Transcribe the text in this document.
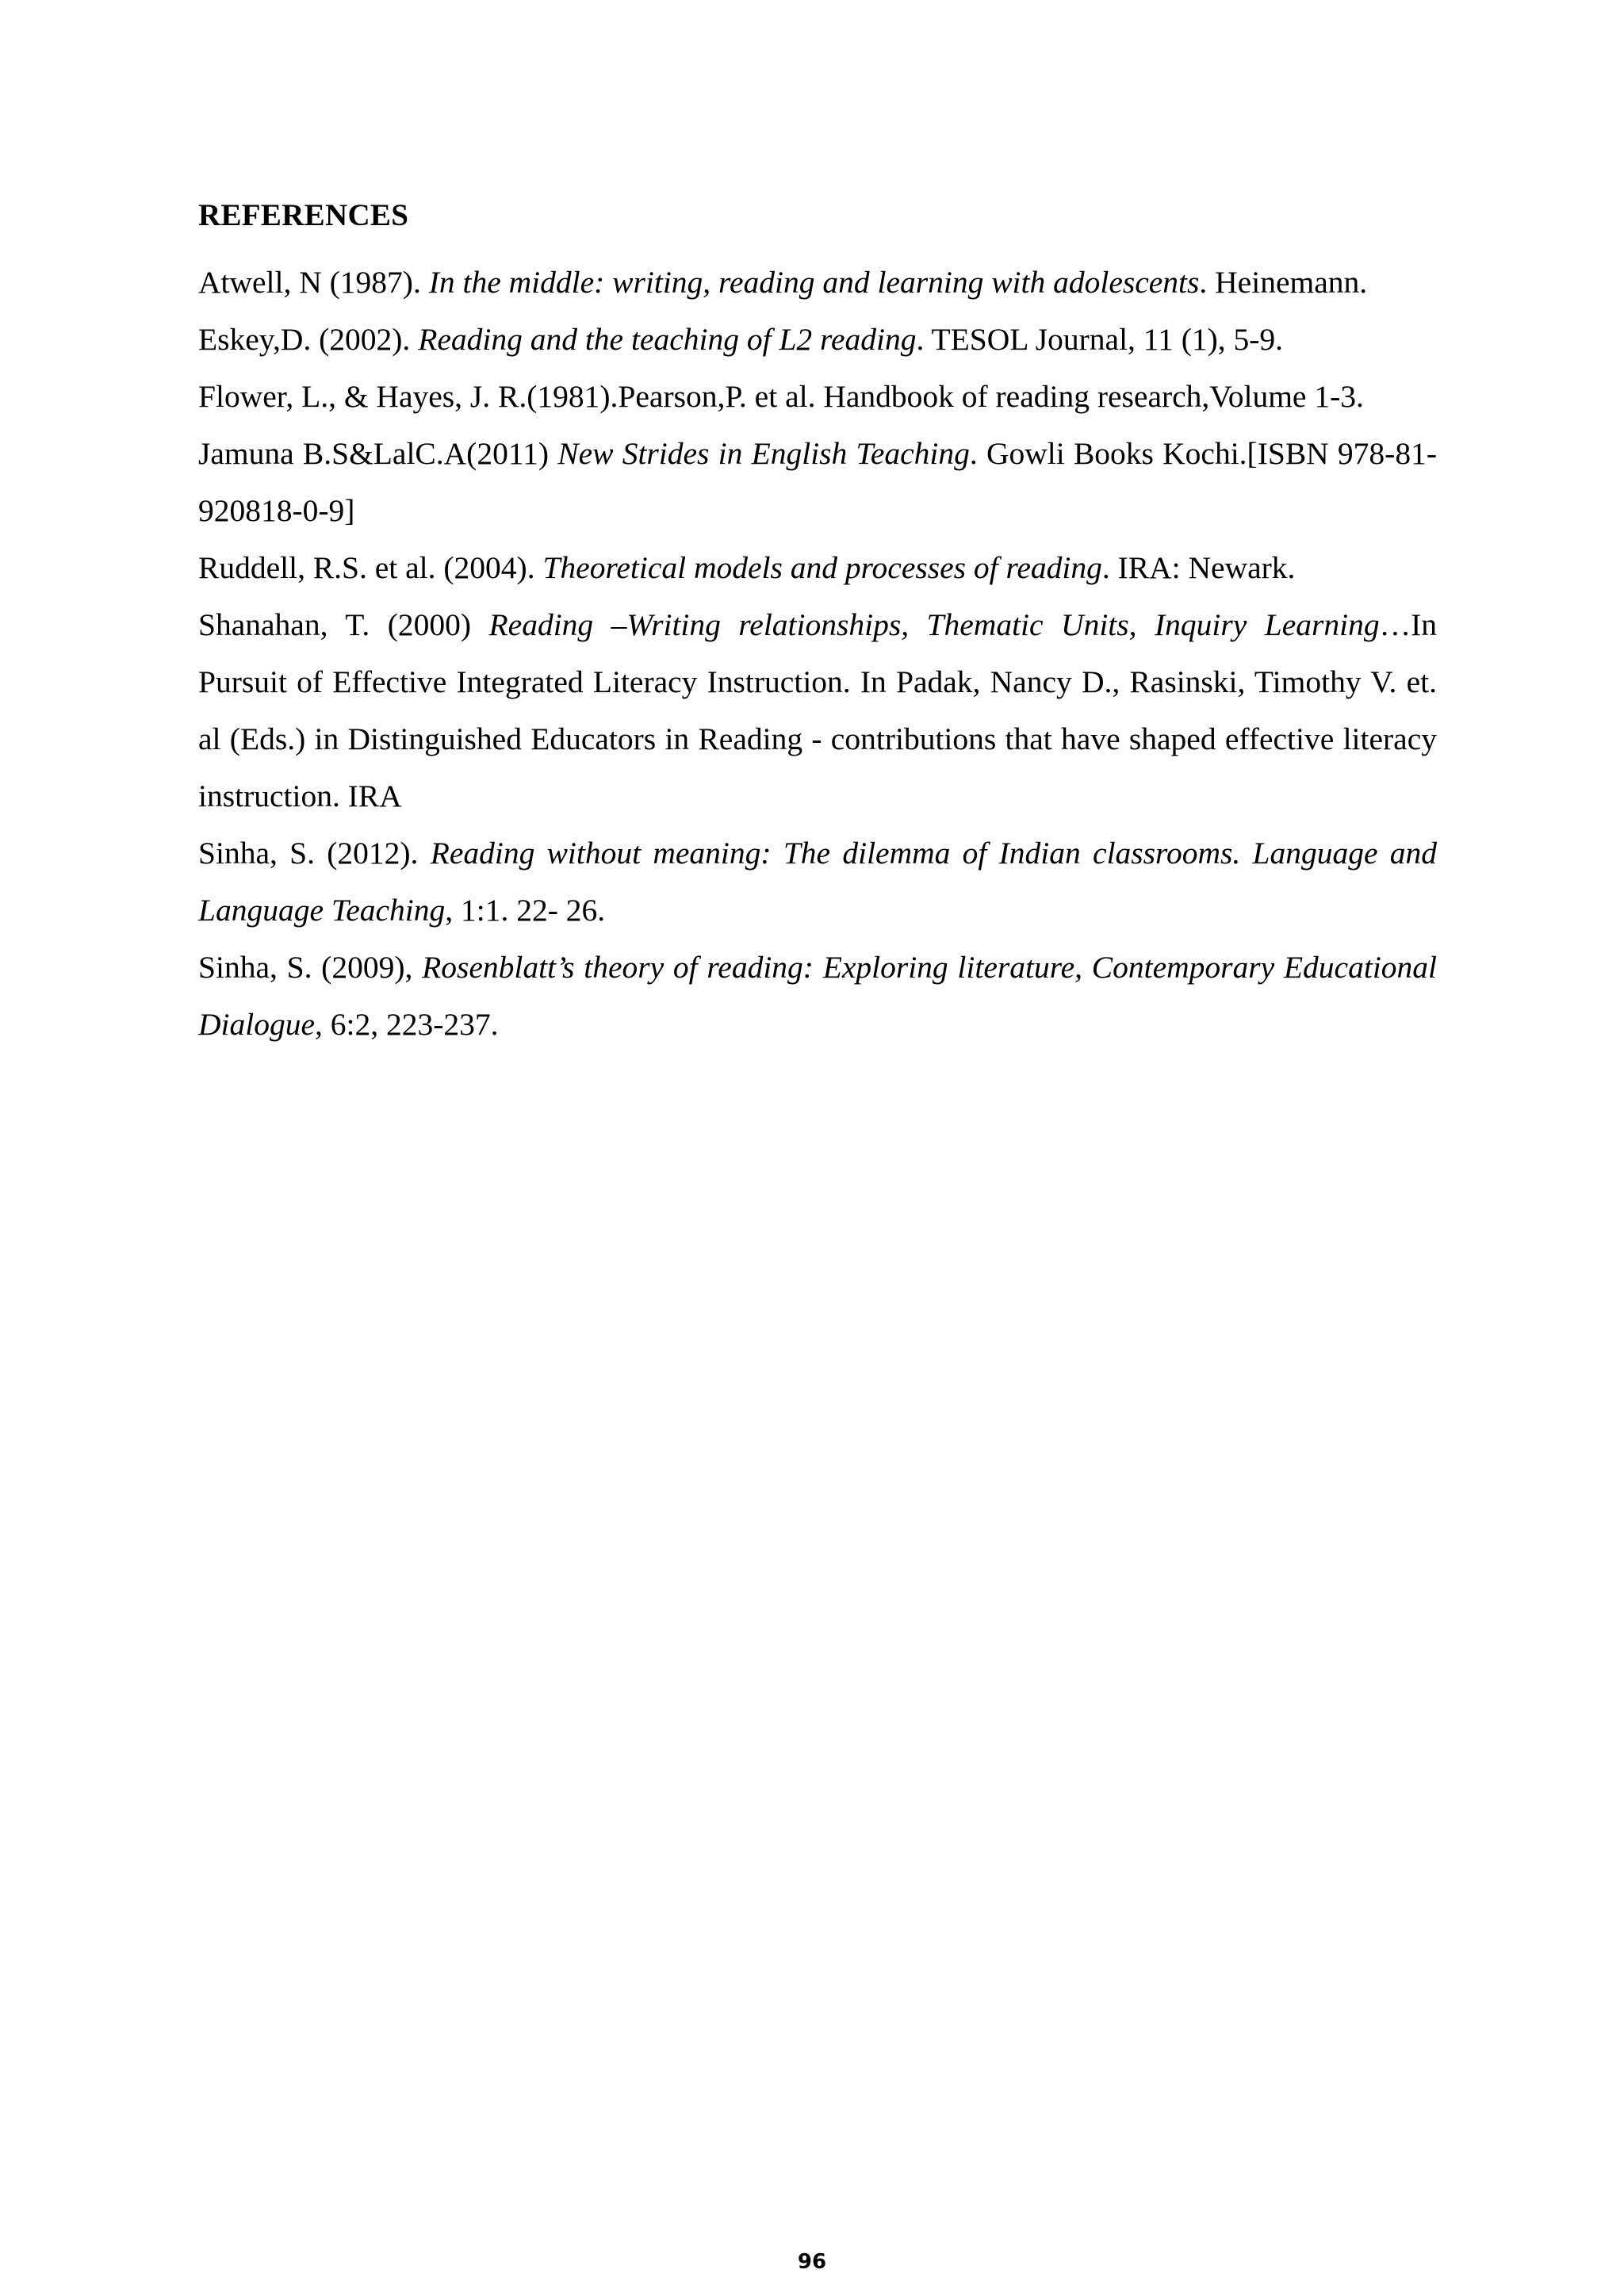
REFERENCES

Atwell, N (1987). In the middle: writing, reading and learning with adolescents. Heinemann.

Eskey,D. (2002). Reading and the teaching of L2 reading. TESOL Journal, 11 (1), 5-9.

Flower, L., & Hayes, J. R.(1981).Pearson,P. et al. Handbook of reading research,Volume 1-3.

Jamuna B.S&LalC.A(2011) New Strides in English Teaching. Gowli Books Kochi.[ISBN 978-81-920818-0-9]

Ruddell, R.S. et al. (2004). Theoretical models and processes of reading. IRA: Newark.

Shanahan, T. (2000) Reading –Writing relationships, Thematic Units, Inquiry Learning…In Pursuit of Effective Integrated Literacy Instruction. In Padak, Nancy D., Rasinski, Timothy V. et. al (Eds.) in Distinguished Educators in Reading - contributions that have shaped effective literacy instruction. IRA

Sinha, S. (2012). Reading without meaning: The dilemma of Indian classrooms. Language and Language Teaching, 1:1. 22- 26.

Sinha, S. (2009), Rosenblatt’s theory of reading: Exploring literature, Contemporary Educational Dialogue, 6:2, 223-237.

96
